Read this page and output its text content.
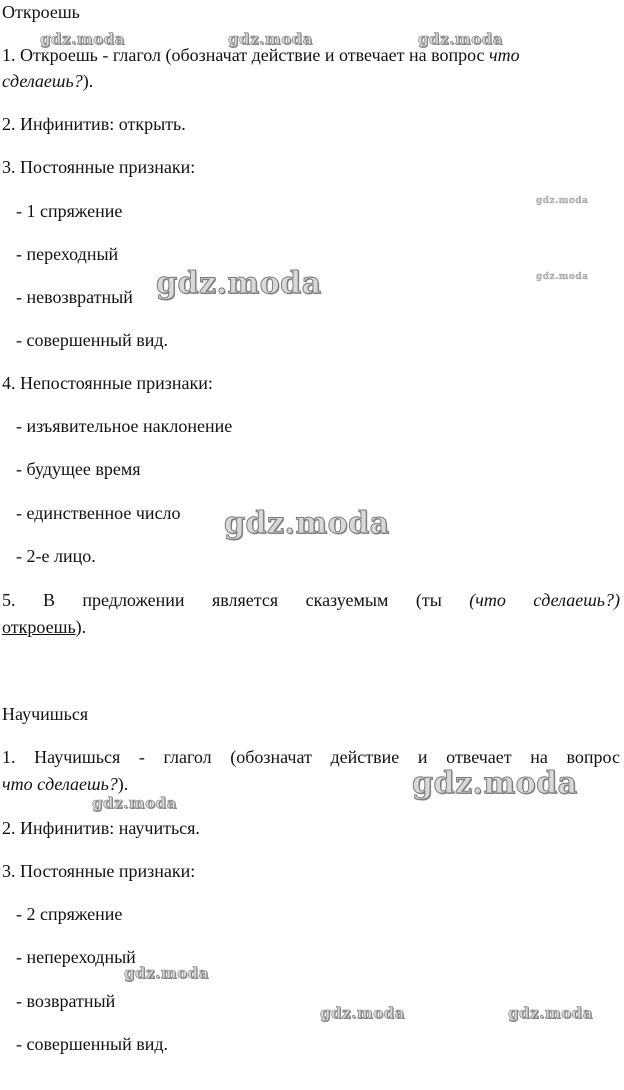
Откроешь

1. Откроешь - глагол (обозначат действие и отвечает на вопрос что

сделаешь?).

2. Инфинитив: открыть.

3. Постоянные признаки:

- 1 спряжение

- переходный

- невозвратный

- совершенный вид.

4. Непостоянные признаки:

- изъявительное наклонение

- будущее время

- единственное число

- 2-е лицо.

5. В предложении является сказуемым (ты (что сделаешь?)

откроешь).

Научишься

1. Научишься - глагол (обозначат действие и отвечает на вопрос

что сделаешь?).

2. Инфинитив: научиться.

3. Постоянные признаки:

- 2 спряжение

- непереходный

- возвратный

- совершенный вид.

gdz.moda	gdz.moda	gdz.moda
gdz.moda
gdz.moda
gdz.moda
gdz.moda
gdz.moda
gdz.moda
gdz.moda
gdz.moda	gdz.moda
